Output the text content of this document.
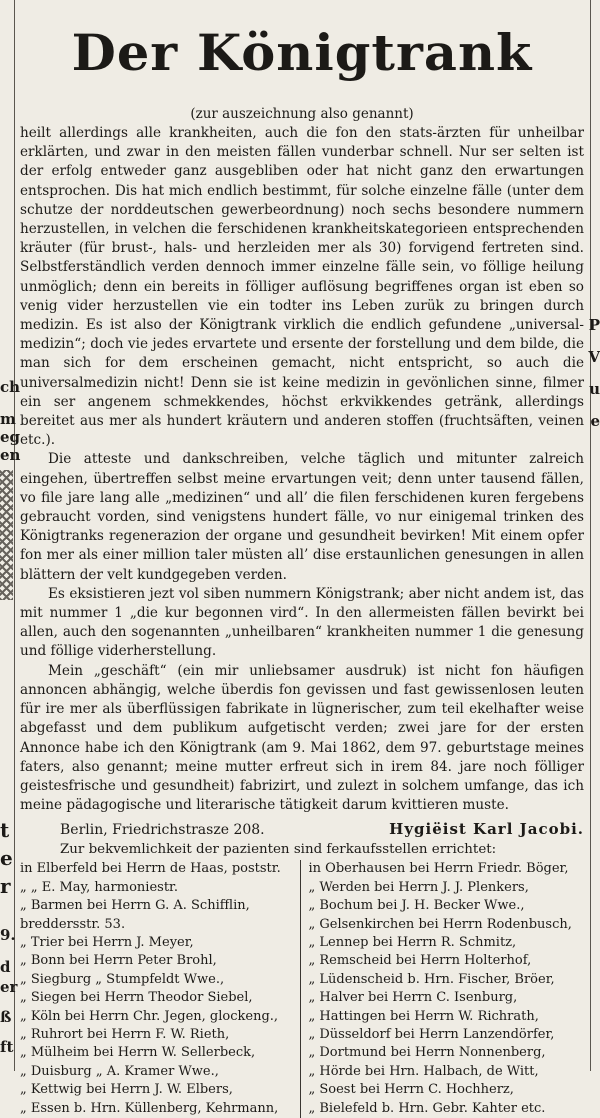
ch
m
eg
en
t
e
r
9.
d
er
ß
ft
P
V
u
e
Der Königtrank
(zur auszeichnung also genannt)

heilt allerdings alle krankheiten, auch die fon den stats-ärzten für unheilbar erklärten, und zwar in den meisten fällen vunderbar schnell. Nur ser selten ist der erfolg entweder ganz ausgebliben oder hat nicht ganz den erwartungen entsprochen. Dis hat mich endlich bestimmt, für solche einzelne fälle (unter dem schutze der norddeutschen gewerbeordnung) noch sechs besondere nummern herzustellen, in velchen die ferschidenen krankheitskategorieen entsprechenden kräuter (für brust-, hals- und herzleiden mer als 30) forvigend fertreten sind. Selbstferständlich verden dennoch immer einzelne fälle sein, vo föllige heilung unmöglich; denn ein bereits in fölliger auflösung begriffenes organ ist eben so venig vider herzustellen vie ein todter ins Leben zurük zu bringen durch medizin. Es ist also der Königtrank virklich die endlich gefundene „universal-medizin“; doch vie jedes ervartete und ersente der forstellung und dem bilde, die man sich for dem erscheinen gemacht, nicht entspricht, so auch die universalmedizin nicht! Denn sie ist keine medizin in gevönlichen sinne, filmer ein ser angenem schmekkendes, höchst erkvikkendes getränk, allerdings bereitet aus mer als hundert kräutern und anderen stoffen (fruchtsäften, veinen etc.).

Die atteste und dankschreiben, velche täglich und mitunter zalreich eingehen, übertreffen selbst meine ervartungen veit; denn unter tausend fällen, vo file jare lang alle „medizinen“ und all’ die filen ferschidenen kuren fergebens gebraucht vorden, sind venigstens hundert fälle, vo nur einigemal trinken des Königtranks regenerazion der organe und gesundheit bevirken! Mit einem opfer fon mer als einer million taler müsten all’ dise erstaunlichen genesungen in allen blättern der velt kundgegeben verden.

Es eksistieren jezt vol siben nummern Königstrank; aber nicht andem ist, das mit nummer 1 „die kur begonnen vird“. In den allermeisten fällen bevirkt bei allen, auch den sogenannten „unheilbaren“ krankheiten nummer 1 die genesung und föllige viderherstellung.

Mein „geschäft“ (ein mir unliebsamer ausdruk) ist nicht fon häufigen annoncen abhängig, welche überdis fon gevissen und fast gewissenlosen leuten für ire mer als überflüssigen fabrikate in lügnerischer, zum teil ekelhafter weise abgefasst und dem publikum aufgetischt verden; zwei jare for der ersten Annonce habe ich den Königtrank (am 9. Mai 1862, dem 97. geburtstage meines faters, also genannt; meine mutter erfreut sich in irem 84. jare noch fölliger geistesfrische und gesundheit) fabrizirt, und zulezt in solchem umfange, das ich meine pädagogische und literarische tätigkeit darum kvittieren muste.

Berlin, Friedrichstrasze 208.	Hygiëist Karl Jacobi.
Zur bekvemlichkeit der pazienten sind ferkaufsstellen errichtet:
in Elberfeld bei Herrn de Haas, poststr.
„ „ E. May, harmoniestr.
„ Barmen bei Herrn G. A. Schifflin,
breddersstr. 53.
„ Trier bei Herrn J. Meyer,
„ Bonn bei Herrn Peter Brohl,
„ Siegburg „ Stumpfeldt Wwe.,
„ Siegen bei Herrn Theodor Siebel,
„ Köln bei Herrn Chr. Jegen, glockeng.,
„ Ruhrort bei Herrn F. W. Rieth,
„ Mülheim bei Herrn W. Sellerbeck,
„ Duisburg „ A. Kramer Wwe.,
„ Kettwig bei Herrn J. W. Elbers,
„ Essen b. Hrn. Küllenberg, Kehrmann,
in Oberhausen bei Herrn Friedr. Böger,
„ Werden bei Herrn J. J. Plenkers,
„ Bochum bei J. H. Becker Wwe.,
„ Gelsenkirchen bei Herrn Rodenbusch,
„ Lennep bei Herrn R. Schmitz,
„ Remscheid bei Herrn Holterhof,
„ Lüdenscheid b. Hrn. Fischer, Bröer,
„ Halver bei Herrn C. Isenburg,
„ Hattingen bei Herrn W. Richrath,
„ Düsseldorf bei Herrn Lanzendörfer,
„ Dortmund bei Herrn Nonnenberg,
„ Hörde bei Hrn. Halbach, de Witt,
„ Soest bei Herrn C. Hochherz,
„ Bielefeld b. Hrn. Gebr. Kahter etc.
